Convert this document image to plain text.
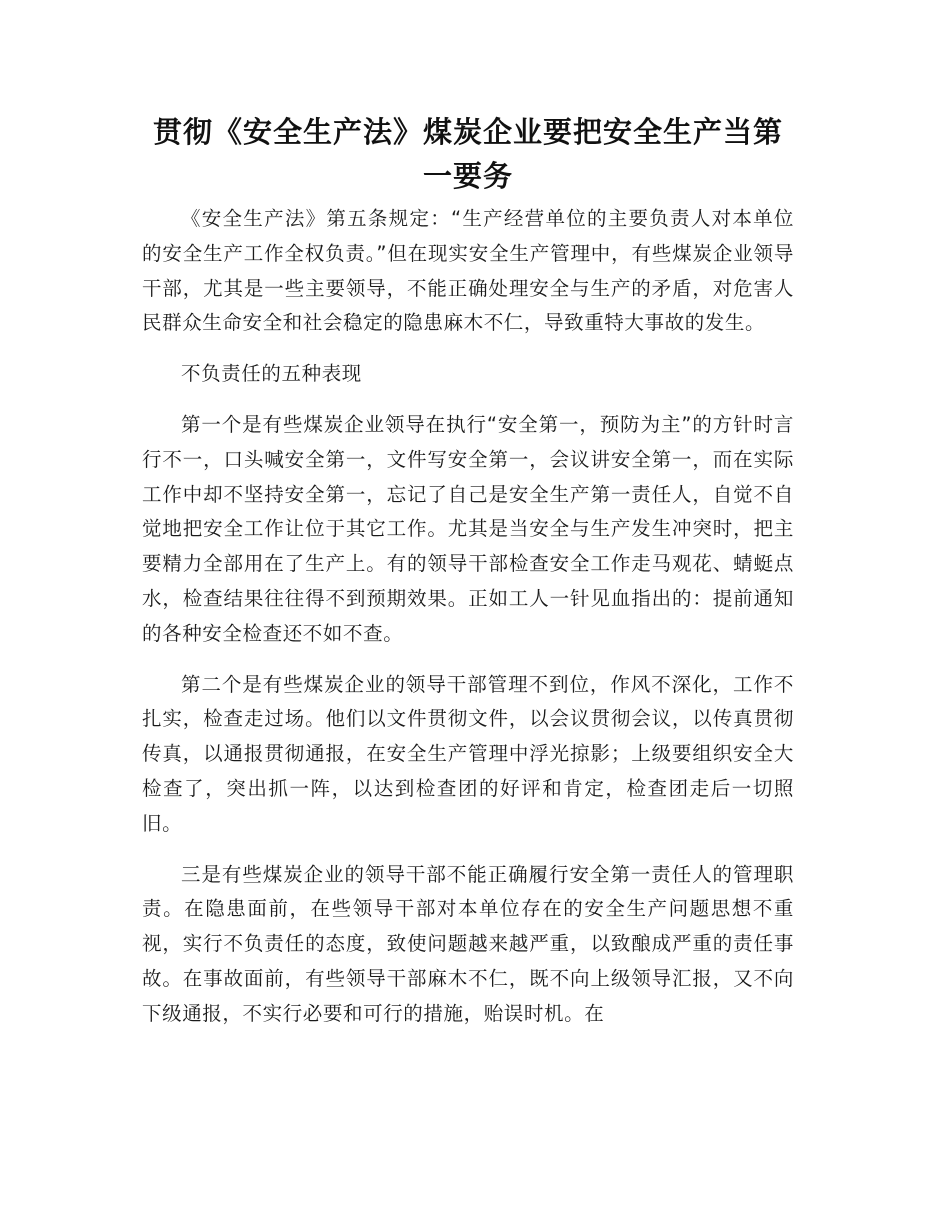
贯彻《安全生产法》煤炭企业要把安全生产当第一要务

《安全生产法》第五条规定：“生产经营单位的主要负责人对本单位的安全生产工作全权负责。”但在现实安全生产管理中，有些煤炭企业领导干部，尤其是一些主要领导，不能正确处理安全与生产的矛盾，对危害人民群众生命安全和社会稳定的隐患麻木不仁，导致重特大事故的发生。

不负责任的五种表现

第一个是有些煤炭企业领导在执行“安全第一，预防为主”的方针时言行不一，口头喊安全第一，文件写安全第一，会议讲安全第一，而在实际工作中却不坚持安全第一，忘记了自己是安全生产第一责任人，自觉不自觉地把安全工作让位于其它工作。尤其是当安全与生产发生冲突时，把主要精力全部用在了生产上。有的领导干部检查安全工作走马观花、蜻蜓点水，检查结果往往得不到预期效果。正如工人一针见血指出的：提前通知的各种安全检查还不如不查。

第二个是有些煤炭企业的领导干部管理不到位，作风不深化，工作不扎实，检查走过场。他们以文件贯彻文件，以会议贯彻会议，以传真贯彻传真，以通报贯彻通报，在安全生产管理中浮光掠影；上级要组织安全大检查了，突出抓一阵，以达到检查团的好评和肯定，检查团走后一切照旧。

三是有些煤炭企业的领导干部不能正确履行安全第一责任人的管理职责。在隐患面前，在些领导干部对本单位存在的安全生产问题思想不重视，实行不负责任的态度，致使问题越来越严重，以致酿成严重的责任事故。在事故面前，有些领导干部麻木不仁，既不向上级领导汇报，又不向下级通报，不实行必要和可行的措施，贻误时机。在
